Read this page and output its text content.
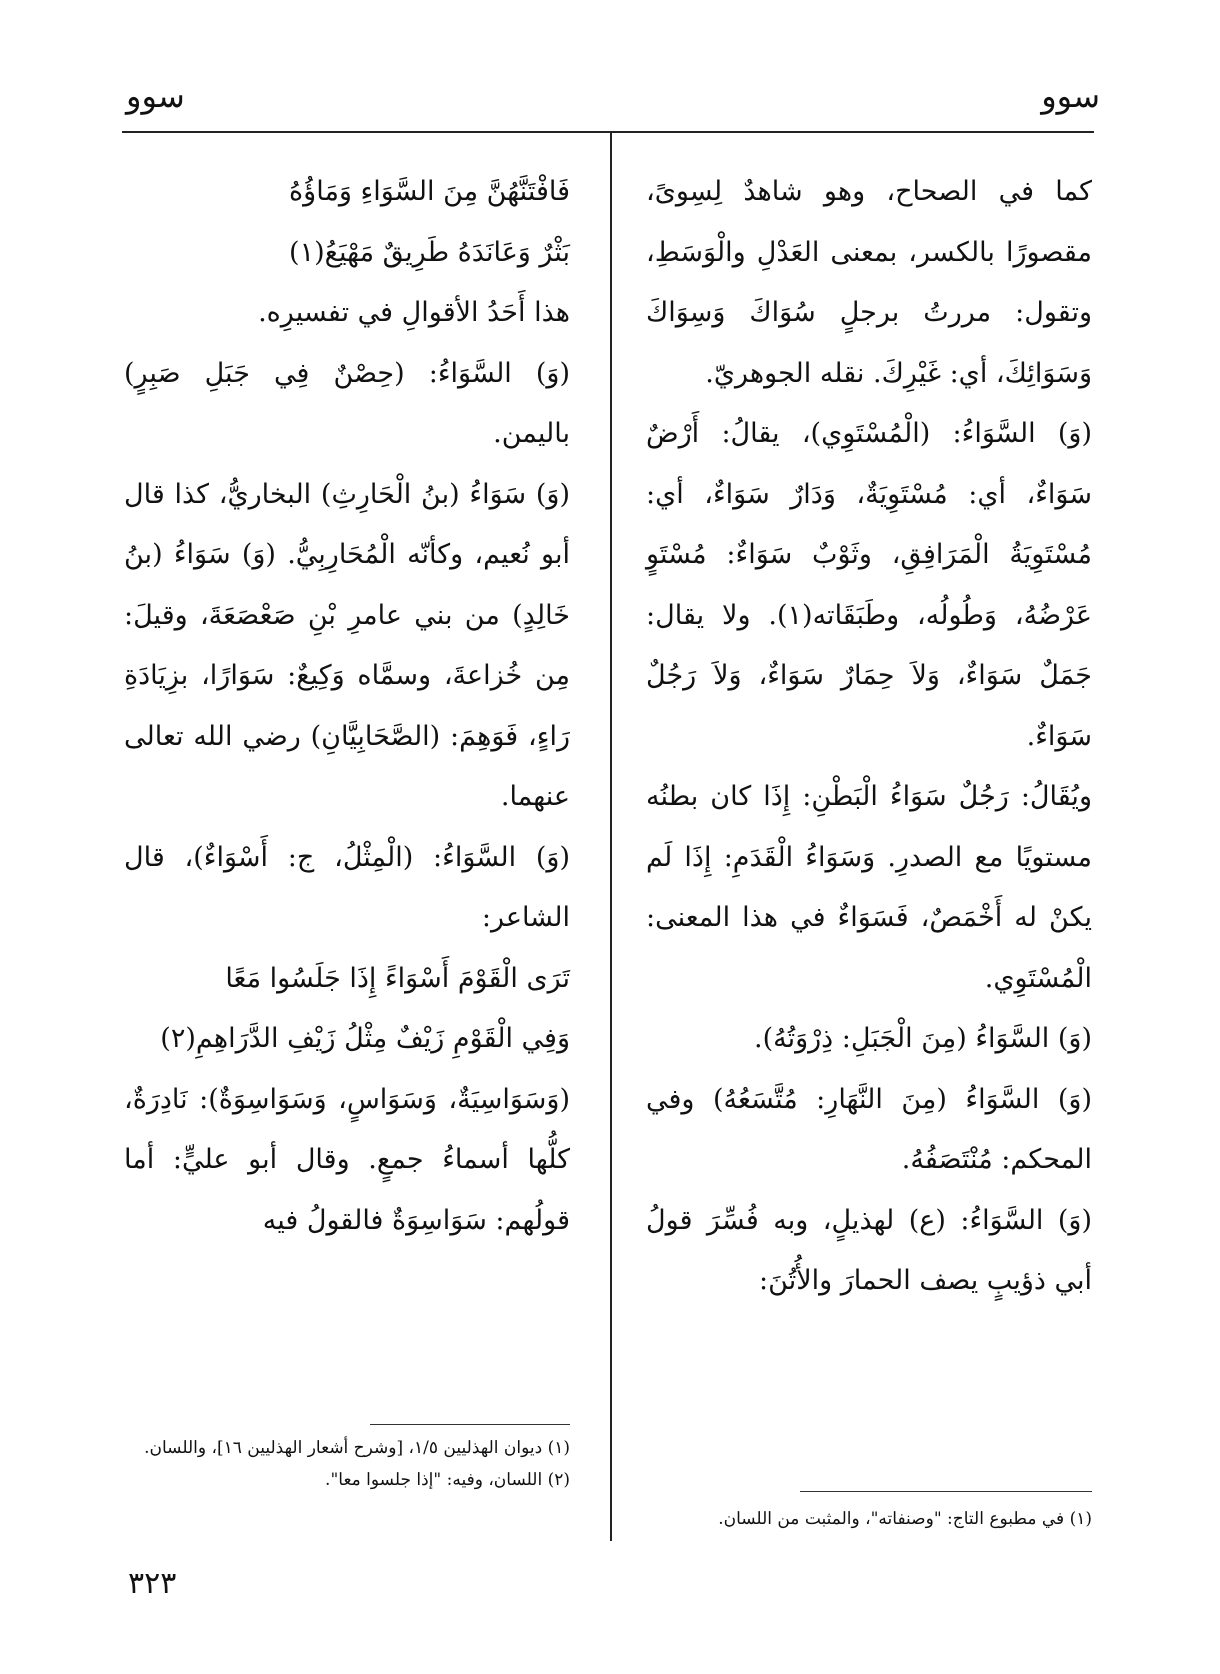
سوو
سوو

كما في الصحاح، وهو شاهدٌ لِسِوىً، مقصورًا بالكسر، بمعنى العَدْلِ والْوَسَطِ، وتقول: مررتُ برجلٍ سُوَاكَ وَسِوَاكَ وَسَوَائِكَ، أي: غَيْرِكَ. نقله الجوهريّ.

(وَ) السَّوَاءُ: (الْمُسْتَوِي)، يقالُ: أَرْضٌ سَوَاءٌ، أي: مُسْتَوِيَةٌ، وَدَارٌ سَوَاءٌ، أي: مُسْتَوِيَةُ الْمَرَافِقِ، وثَوْبٌ سَوَاءٌ: مُسْتَوٍ عَرْضُهُ، وَطُولُه، وطَبَقَاته(١). ولا يقال: جَمَلٌ سَوَاءٌ، وَلاَ حِمَارٌ سَوَاءٌ، وَلاَ رَجُلٌ سَوَاءٌ.

ويُقَالُ: رَجُلٌ سَوَاءُ الْبَطْنِ: إِذَا كان بطنُه مستويًا مع الصدرِ. وَسَوَاءُ الْقَدَمِ: إِذَا لَم يكنْ له أَخْمَصٌ، فَسَوَاءٌ في هذا المعنى: الْمُسْتَوِي.

(وَ) السَّوَاءُ (مِنَ الْجَبَلِ: ذِرْوَتُهُ).

(وَ) السَّوَاءُ (مِنَ النَّهَارِ: مُتَّسَعُهُ) وفي المحكم: مُنْتَصَفُهُ.

(وَ) السَّوَاءُ: (ع) لهذيلٍ، وبه فُسِّرَ قولُ أبي ذؤيبٍ يصف الحمارَ والأُتُنَ:

(١) في مطبوع التاج: "وصنفاته"، والمثبت من اللسان.

فَافْتَنَّهُنَّ مِنَ السَّوَاءِ وَمَاؤُهُ

بَثْرٌ وَعَانَدَهُ طَرِيقٌ مَهْيَعُ(١)

هذا أَحَدُ الأقوالِ في تفسيرِه.

(وَ) السَّوَاءُ: (حِصْنٌ فِي جَبَلِ صَبِرٍ) باليمن.

(وَ) سَوَاءُ (بنُ الْحَارِثِ) البخاريُّ، كذا قال أبو نُعيم، وكأنّه الْمُحَارِبِيُّ. (وَ) سَوَاءُ (بنُ خَالِدٍ) من بني عامرِ بْنِ صَعْصَعَةَ، وقيلَ: مِن خُزاعةَ، وسمَّاه وَكِيعٌ: سَوَارًا، بزِيَادَةِ رَاءٍ، فَوَهِمَ: (الصَّحَابِيَّانِ) رضي الله تعالى عنهما.

(وَ) السَّوَاءُ: (الْمِثْلُ، ج: أَسْوَاءٌ)، قال الشاعر:

تَرَى الْقَوْمَ أَسْوَاءً إِذَا جَلَسُوا مَعًا

وَفِي الْقَوْمِ زَيْفٌ مِثْلُ زَيْفِ الدَّرَاهِمِ(٢)

(وَسَوَاسِيَةٌ، وَسَوَاسٍ، وَسَوَاسِوَةٌ): نَادِرَةٌ، كلُّها أسماءُ جمعٍ. وقال أبو عليٍّ: أما قولُهم: سَوَاسِوَةٌ فالقولُ فيه

(١) ديوان الهذليين ١/٥، [وشرح أشعار الهذليين ١٦]، واللسان.
(٢) اللسان، وفيه: "إذا جلسوا معا".
٣٢٣
